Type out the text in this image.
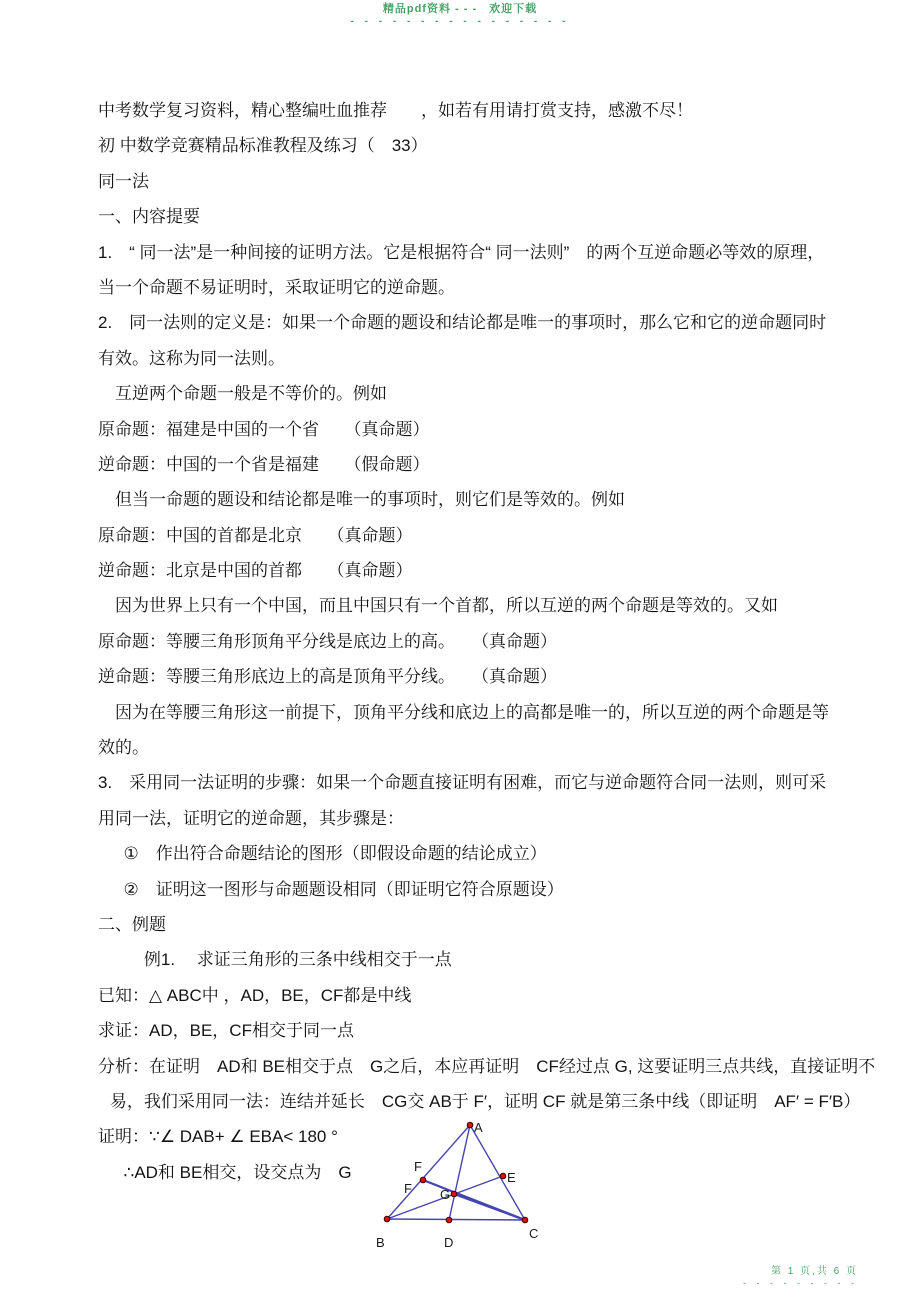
精品pdf资料 - - -　欢迎下载
- - - - - - - - - - - - - - - -
中考数学复习资料，精心整编吐血推荐　　，如若有用请打赏支持，感激不尽！
初 中数学竞赛精品标准教程及练习（　33）
同一法
一、内容提要
1.　“ 同一法”是一种间接的证明方法。它是根据符合“ 同一法则”　的两个互逆命题必等效的原理，
当一个命题不易证明时，采取证明它的逆命题。
2.　同一法则的定义是：如果一个命题的题设和结论都是唯一的事项时，那么它和它的逆命题同时
有效。这称为同一法则。
互逆两个命题一般是不等价的。例如
原命题：福建是中国的一个省　　（真命题）
逆命题：中国的一个省是福建　　（假命题）
但当一命题的题设和结论都是唯一的事项时，则它们是等效的。例如
原命题：中国的首都是北京　　（真命题）
逆命题：北京是中国的首都　　（真命题）
因为世界上只有一个中国，而且中国只有一个首都，所以互逆的两个命题是等效的。又如
原命题：等腰三角形顶角平分线是底边上的高。　　（真命题）
逆命题：等腰三角形底边上的高是顶角平分线。　　（真命题）
因为在等腰三角形这一前提下，顶角平分线和底边上的高都是唯一的，所以互逆的两个命题是等
效的。
3.　采用同一法证明的步骤：如果一个命题直接证明有困难，而它与逆命题符合同一法则，则可采
用同一法，证明它的逆命题，其步骤是：
①　作出符合命题结论的图形（即假设命题的结论成立）
②　证明这一图形与命题题设相同（即证明它符合原题设）
二、例题
例1.　 求证三角形的三条中线相交于一点
已知：△ ABC中 ，AD，BE，CF都是中线
求证：AD，BE，CF相交于同一点
分析：在证明　AD和 BE相交于点　G之后，本应再证明　CF经过点 G, 这要证明三点共线，直接证明不
易，我们采用同一法：连结并延长　CG交 AB于 F′，证明 CF 就是第三条中线（即证明　AF′ = F′B）
证明：∵∠ DAB+ ∠ EBA< 180 °
∴AD和 BE相交，设交点为　G
A
B
C
D
E
F
F G
第 1 页,共 6 页
- - - - - - - - -
